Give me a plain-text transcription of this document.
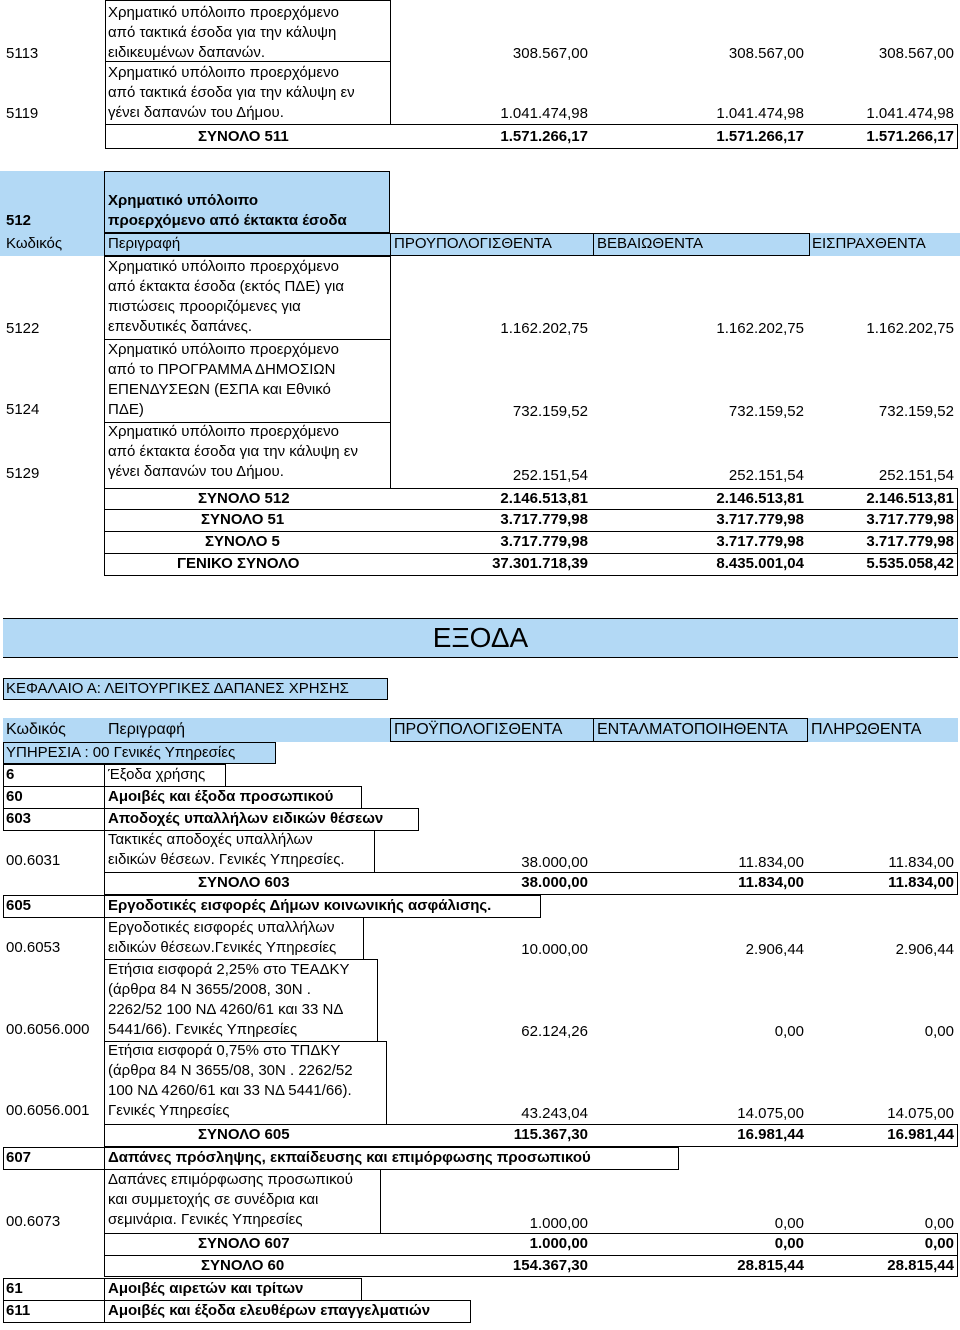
5113
Χρηματικό υπόλοιπο προερχόμενο
από τακτικά έσοδα για την κάλυψη
ειδικευμένων δαπανών.	308.567,00	308.567,00	308.567,00
5119
Χρηματικό υπόλοιπο προερχόμενο
από τακτικά έσοδα για την κάλυψη εν
γένει δαπανών του Δήμου.	1.041.474,98	1.041.474,98	1.041.474,98
ΣΥΝΟΛΟ 511	1.571.266,17	1.571.266,17	1.571.266,17
512
Χρηματικό υπόλοιπο
προερχόμενο από έκτακτα έσοδα
Κωδικός	Περιγραφή	ΠΡΟΥΠΟΛΟΓΙΣΘΕΝΤΑ	ΒΕΒΑΙΩΘΕΝΤΑ	ΕΙΣΠΡΑΧΘΕΝΤΑ
5122
Χρηματικό υπόλοιπο προερχόμενο
από έκτακτα έσοδα (εκτός ΠΔΕ) για
πιστώσεις προοριζόμενες για
επενδυτικές δαπάνες.	1.162.202,75	1.162.202,75	1.162.202,75
5124
Χρηματικό υπόλοιπο προερχόμενο
από το ΠΡΟΓΡΑΜΜΑ ΔΗΜΟΣΙΩΝ
ΕΠΕΝΔΥΣΕΩΝ (ΕΣΠΑ και Εθνικό
ΠΔΕ)	732.159,52	732.159,52	732.159,52
5129
Χρηματικό υπόλοιπο προερχόμενο
από έκτακτα έσοδα για την κάλυψη εν
γένει δαπανών του Δήμου.	252.151,54	252.151,54	252.151,54
ΣΥΝΟΛΟ 512	2.146.513,81	2.146.513,81	2.146.513,81
ΣΥΝΟΛΟ 51	3.717.779,98	3.717.779,98	3.717.779,98
ΣΥΝΟΛΟ 5	3.717.779,98	3.717.779,98	3.717.779,98
ΓΕΝΙΚΟ ΣΥΝΟΛΟ	37.301.718,39	8.435.001,04	5.535.058,42
ΕΞΟΔΑ
ΚΕΦΑΛΑΙΟ Α: ΛΕΙΤΟΥΡΓΙΚΕΣ ΔΑΠΑΝΕΣ ΧΡΗΣΗΣ
Κωδικός	Περιγραφή	ΠΡΟΫΠΟΛΟΓΙΣΘΕΝΤΑ ΕΝΤΑΛΜΑΤΟΠΟΙΗΘΕΝΤΑ ΠΛΗΡΩΘΕΝΤΑ
ΥΠΗΡΕΣΙΑ : 00 Γενικές Υπηρεσίες
6	Έξοδα χρήσης
60	Αμοιβές και έξοδα προσωπικού
603	Αποδοχές υπαλλήλων ειδικών θέσεων
00.6031
Τακτικές αποδοχές υπαλλήλων
ειδικών θέσεων. Γενικές Υπηρεσίες.	38.000,00	11.834,00	11.834,00
ΣΥΝΟΛΟ 603	38.000,00	11.834,00	11.834,00
605	Εργοδοτικές εισφορές Δήμων κοινωνικής ασφάλισης.
00.6053
Εργοδοτικές εισφορές υπαλλήλων
ειδικών θέσεων.Γενικές Υπηρεσίες	10.000,00	2.906,44	2.906,44
00.6056.000
Ετήσια εισφορά 2,25% στο ΤΕΑΔΚΥ
(άρθρα 84 Ν 3655/2008, 30Ν .
2262/52 100 ΝΔ 4260/61 και 33 ΝΔ
5441/66). Γενικές Υπηρεσίες	62.124,26	0,00	0,00
00.6056.001
Ετήσια εισφορά 0,75% στο ΤΠΔΚΥ
(άρθρα 84 Ν 3655/08, 30Ν . 2262/52
100 ΝΔ 4260/61 και 33 ΝΔ 5441/66).
Γενικές Υπηρεσίες	43.243,04	14.075,00	14.075,00
ΣΥΝΟΛΟ 605	115.367,30	16.981,44	16.981,44
607	Δαπάνες πρόσληψης, εκπαίδευσης και επιμόρφωσης προσωπικού
00.6073
Δαπάνες επιμόρφωσης προσωπικού
και συμμετοχής σε συνέδρια και
σεμινάρια. Γενικές Υπηρεσίες	1.000,00	0,00	0,00
ΣΥΝΟΛΟ 607	1.000,00	0,00	0,00
ΣΥΝΟΛΟ 60	154.367,30	28.815,44	28.815,44
61	Αμοιβές αιρετών και τρίτων
611	Αμοιβές και έξοδα ελευθέρων επαγγελματιών
